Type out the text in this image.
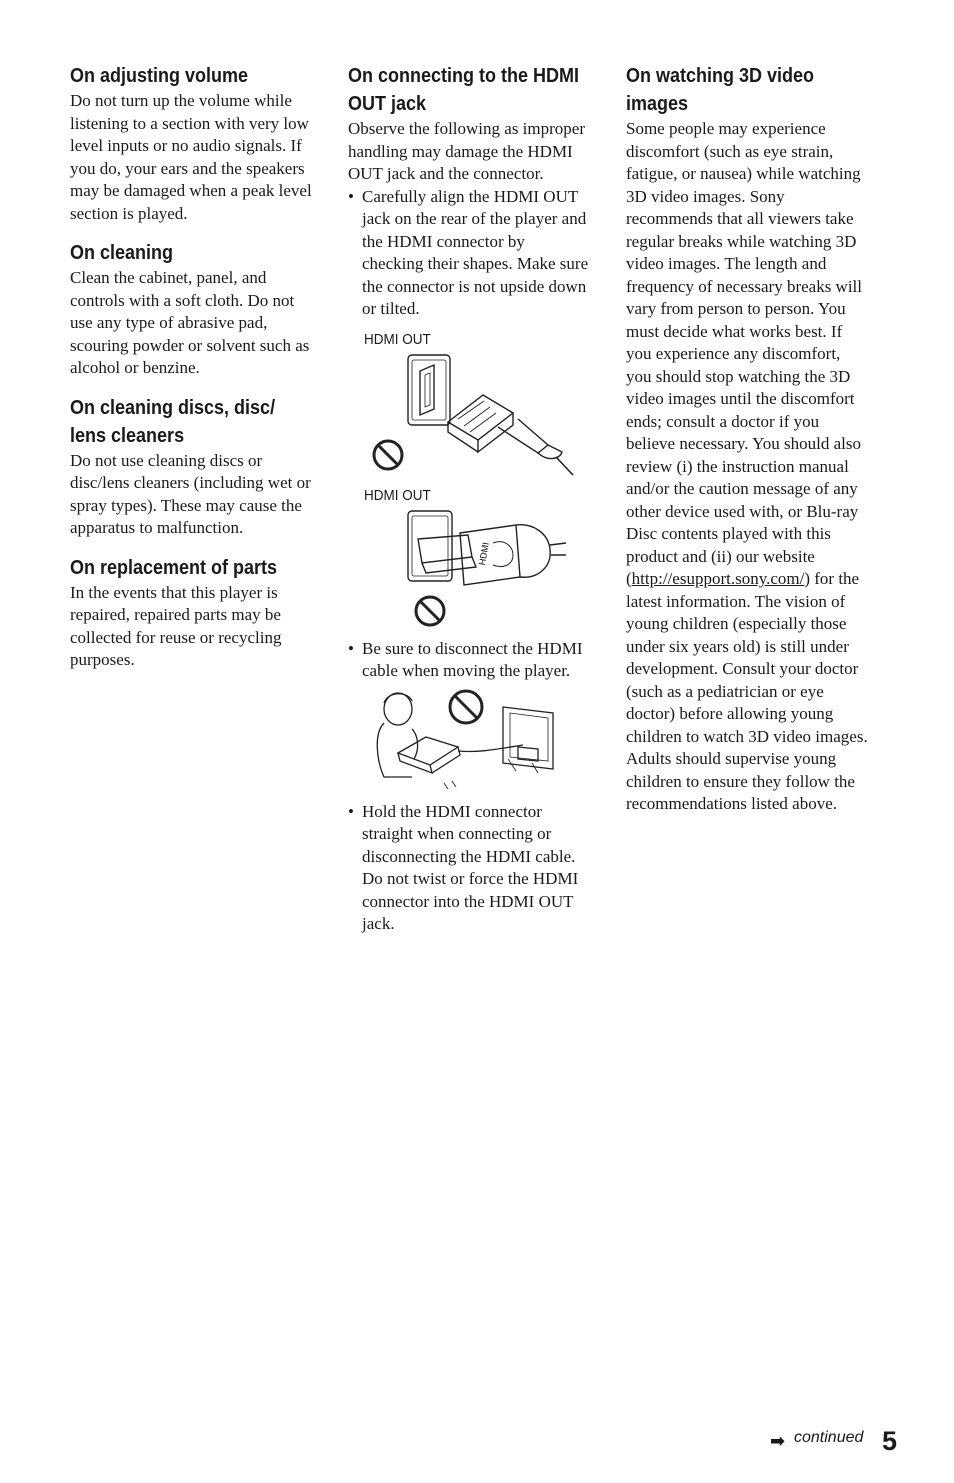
On adjusting volume

Do not turn up the volume while listening to a section with very low level inputs or no audio signals. If you do, your ears and the speakers may be damaged when a peak level section is played.

On cleaning

Clean the cabinet, panel, and controls with a soft cloth. Do not use any type of abrasive pad, scouring powder or solvent such as alcohol or benzine.

On cleaning discs, disc/
lens cleaners

Do not use cleaning discs or disc/lens cleaners (including wet or spray types). These may cause the apparatus to malfunction.

On replacement of parts

In the events that this player is repaired, repaired parts may be collected for reuse or recycling purposes.

On connecting to the HDMI
OUT jack

Observe the following as improper handling may damage the HDMI OUT jack and the connector.

• Carefully align the HDMI OUT jack on the rear of the player and the HDMI connector by checking their shapes. Make sure the connector is not upside down or tilted.
HDMI OUT
HDMI OUT
HDMI
• Be sure to disconnect the HDMI cable when moving the player.
• Hold the HDMI connector straight when connecting or disconnecting the HDMI cable. Do not twist or force the HDMI connector into the HDMI OUT jack.
On watching 3D video
images

Some people may experience discomfort (such as eye strain, fatigue, or nausea) while watching 3D video images. Sony recommends that all viewers take regular breaks while watching 3D video images. The length and frequency of necessary breaks will vary from person to person. You must decide what works best. If you experience any discomfort, you should stop watching the 3D video images until the discomfort ends; consult a doctor if you believe necessary. You should also review (i) the instruction manual and/or the caution message of any other device used with, or Blu-ray Disc contents played with this product and (ii) our website (http://esupport.sony.com/) for the latest information. The vision of young children (especially those under six years old) is still under development. Consult your doctor (such as a pediatrician or eye doctor) before allowing young children to watch 3D video images.

Adults should supervise young children to ensure they follow the recommendations listed above.

➡ continued 5
